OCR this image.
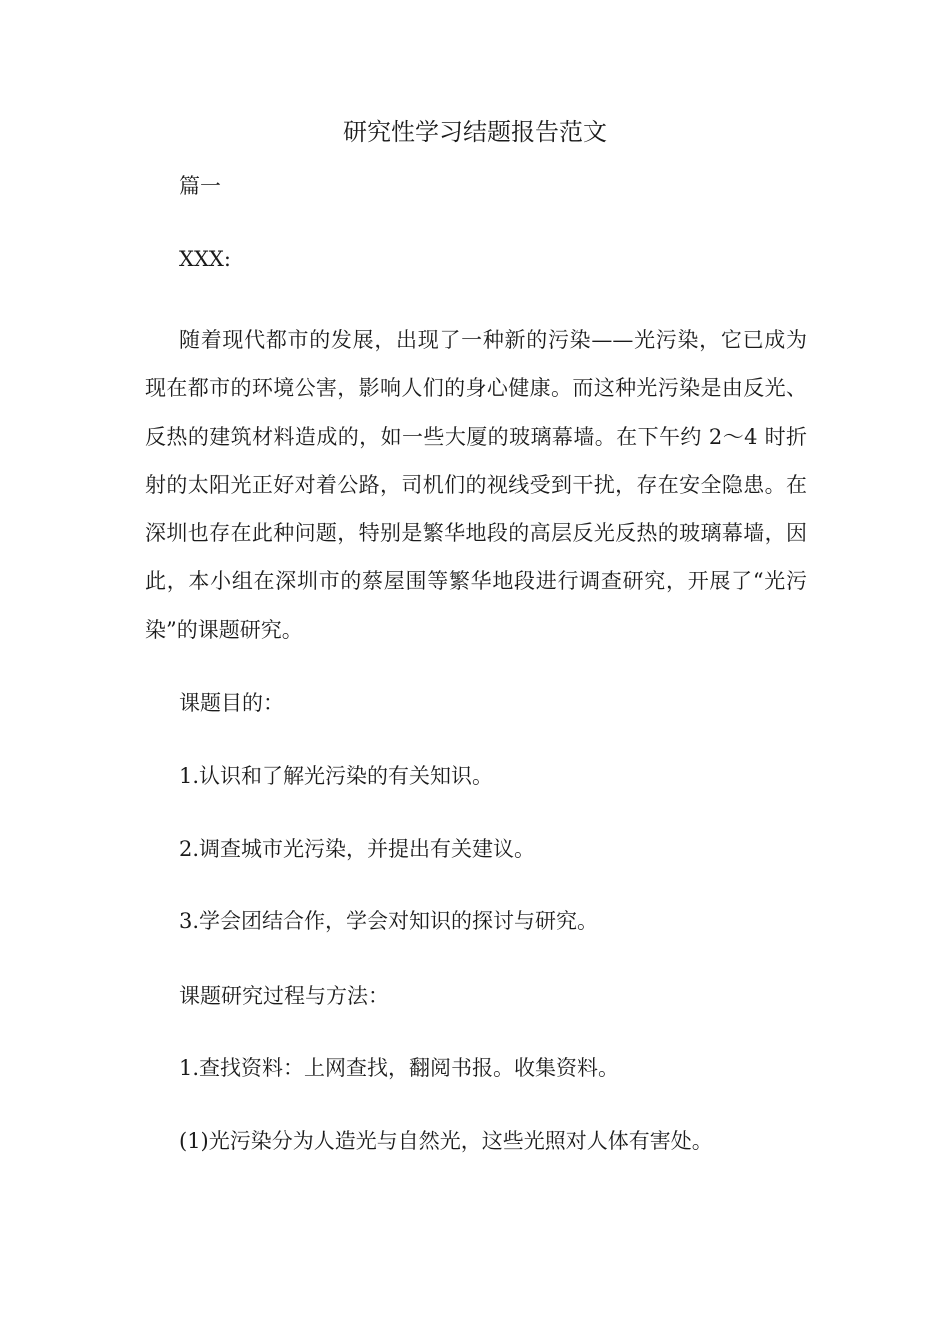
研究性学习结题报告范文
篇一
XXX:
随着现代都市的发展，出现了一种新的污染——光污染，它已成为现在都市的环境公害，影响人们的身心健康。而这种光污染是由反光、反热的建筑材料造成的，如一些大厦的玻璃幕墙。在下午约 2～4 时折射的太阳光正好对着公路，司机们的视线受到干扰，存在安全隐患。在深圳也存在此种问题，特别是繁华地段的高层反光反热的玻璃幕墙，因此，本小组在深圳市的蔡屋围等繁华地段进行调查研究，开展了“光污染”的课题研究。
课题目的：
1.认识和了解光污染的有关知识。
2.调查城市光污染，并提出有关建议。
3.学会团结合作，学会对知识的探讨与研究。
课题研究过程与方法：
1.查找资料：上网查找，翻阅书报。收集资料。
(1)光污染分为人造光与自然光，这些光照对人体有害处。
